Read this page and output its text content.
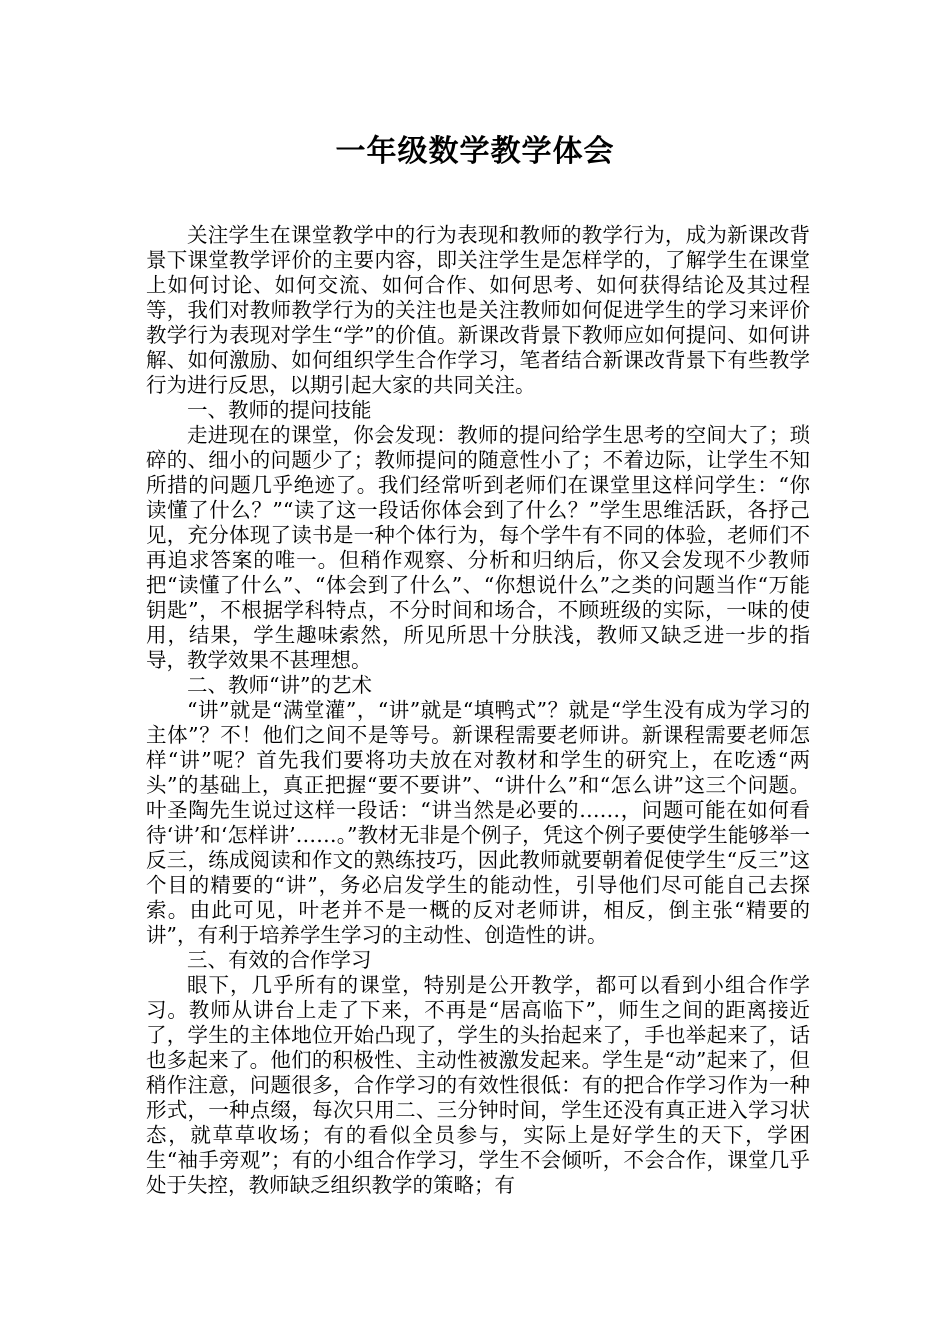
一年级数学教学体会

关注学生在课堂教学中的行为表现和教师的教学行为，成为新课改背景下课堂教学评价的主要内容，即关注学生是怎样学的，了解学生在课堂上如何讨论、如何交流、如何合作、如何思考、如何获得结论及其过程等，我们对教师教学行为的关注也是关注教师如何促进学生的学习来评价教学行为表现对学生“学”的价值。新课改背景下教师应如何提问、如何讲解、如何激励、如何组织学生合作学习，笔者结合新课改背景下有些教学行为进行反思，以期引起大家的共同关注。

一、教师的提问技能

走进现在的课堂，你会发现：教师的提问给学生思考的空间大了；琐碎的、细小的问题少了；教师提问的随意性小了；不着边际，让学生不知所措的问题几乎绝迹了。我们经常听到老师们在课堂里这样问学生：“你读懂了什么？”“读了这一段话你体会到了什么？”学生思维活跃，各抒己见，充分体现了读书是一种个体行为，每个学牛有不同的体验，老师们不再追求答案的唯一。但稍作观察、分析和归纳后，你又会发现不少教师把“读懂了什么”、“体会到了什么”、“你想说什么”之类的问题当作“万能钥匙”，不根据学科特点，不分时间和场合，不顾班级的实际，一味的使用，结果，学生趣味索然，所见所思十分肤浅，教师又缺乏进一步的指导，教学效果不甚理想。

二、教师“讲”的艺术

“讲”就是“满堂灌”，“讲”就是“填鸭式”？就是“学生没有成为学习的主体”？不！他们之间不是等号。新课程需要老师讲。新课程需要老师怎样“讲”呢？首先我们要将功夫放在对教材和学生的研究上，在吃透“两头”的基础上，真正把握“要不要讲”、“讲什么”和“怎么讲”这三个问题。叶圣陶先生说过这样一段话：“讲当然是必要的……，问题可能在如何看待‘讲’和‘怎样讲’……。”教材无非是个例子，凭这个例子要使学生能够举一反三，练成阅读和作文的熟练技巧，因此教师就要朝着促使学生“反三”这个目的精要的“讲”，务必启发学生的能动性，引导他们尽可能自己去探索。由此可见，叶老并不是一概的反对老师讲，相反，倒主张“精要的讲”，有利于培养学生学习的主动性、创造性的讲。

三、有效的合作学习

眼下，几乎所有的课堂，特别是公开教学，都可以看到小组合作学习。教师从讲台上走了下来，不再是“居高临下”，师生之间的距离接近了，学生的主体地位开始凸现了，学生的头抬起来了，手也举起来了，话也多起来了。他们的积极性、主动性被激发起来。学生是“动”起来了，但稍作注意，问题很多，合作学习的有效性很低：有的把合作学习作为一种形式，一种点缀，每次只用二、三分钟时间，学生还没有真正进入学习状态，就草草收场；有的看似全员参与，实际上是好学生的天下，学困生“袖手旁观”；有的小组合作学习，学生不会倾听，不会合作，课堂几乎处于失控，教师缺乏组织教学的策略；有
